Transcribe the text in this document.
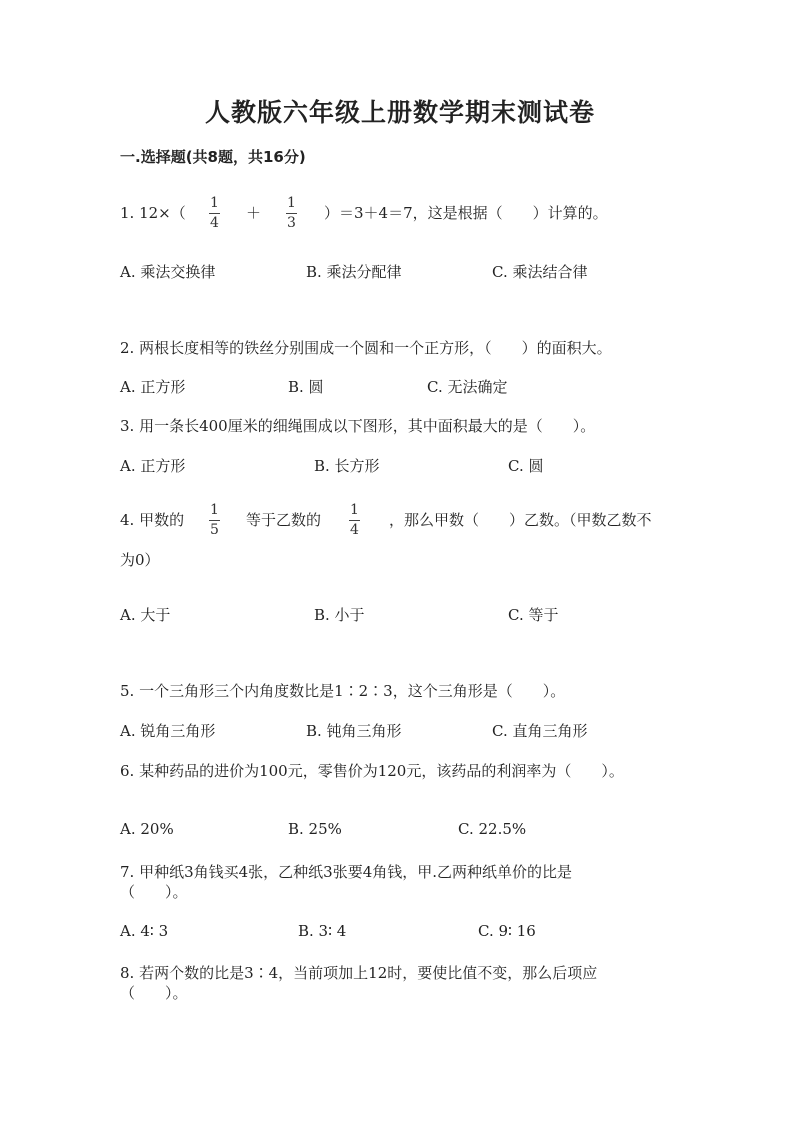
人教版六年级上册数学期末测试卷
一.选择题(共8题，共16分)
1. 12×（
1
4
＋
1
3
）＝3＋4＝7，这是根据（　　）计算的。
A. 乘法交换律	B. 乘法分配律	C. 乘法结合律
2. 两根长度相等的铁丝分别围成一个圆和一个正方形，（　　）的面积大。
A. 正方形	B. 圆	C. 无法确定
3. 用一条长400厘米的细绳围成以下图形，其中面积最大的是（　　）。
A. 正方形	B. 长方形	C. 圆
4. 甲数的
1
5
等于乙数的
1
4
，那么甲数（　　）乙数。（甲数乙数不
为0）
A. 大于	B. 小于	C. 等于
5. 一个三角形三个内角度数比是1∶2∶3，这个三角形是（　　）。
A. 锐角三角形	B. 钝角三角形	C. 直角三角形
6. 某种药品的进价为100元，零售价为120元，该药品的利润率为（　　）。
A. 20%	B. 25%	C. 22.5%
7. 甲种纸3角钱买4张，乙种纸3张要4角钱，甲.乙两种纸单价的比是
（　　）。
A. 4∶ 3	B. 3∶ 4	C. 9∶ 16
8. 若两个数的比是3∶4，当前项加上12时，要使比值不变，那么后项应
（　　）。
